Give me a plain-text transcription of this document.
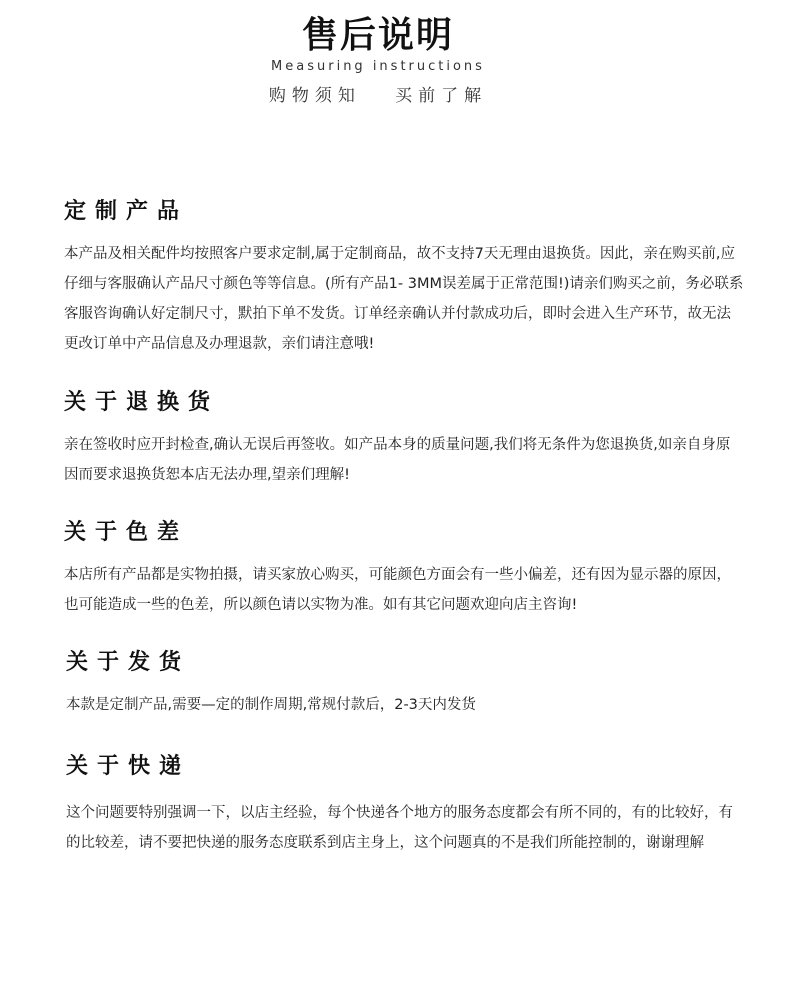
售后说明
Measuring instructions
购物须知   买前了解
定制产品
本产品及相关配件均按照客户要求定制,属于定制商品，故不支持7天无理由退换货。因此，亲在购买前,应仔细与客服确认产品尺寸颜色等等信息。(所有产品1- 3MM误差属于正常范围!)请亲们购买之前，务必联系客服咨询确认好定制尺寸，默拍下单不发货。订单经亲确认并付款成功后，即时会进入生产环节，故无法更改订单中产品信息及办理退款，亲们请注意哦!
关于退换货
亲在签收时应开封检查,确认无误后再签收。如产品本身的质量问题,我们将无条件为您退换货,如亲自身原因而要求退换货恕本店无法办理,望亲们理解!
关于色差
本店所有产品都是实物拍摄，请买家放心购买，可能颜色方面会有一些小偏差，还有因为显示器的原因，也可能造成一些的色差，所以颜色请以实物为准。如有其它问题欢迎向店主咨询!
关于发货
本款是定制产品,需要—定的制作周期,常规付款后，2-3天内发货
关于快递
这个问题要特别强调一下，以店主经验，每个快递各个地方的服务态度都会有所不同的，有的比较好，有的比较差，请不要把快递的服务态度联系到店主身上，这个问题真的不是我们所能控制的，谢谢理解
